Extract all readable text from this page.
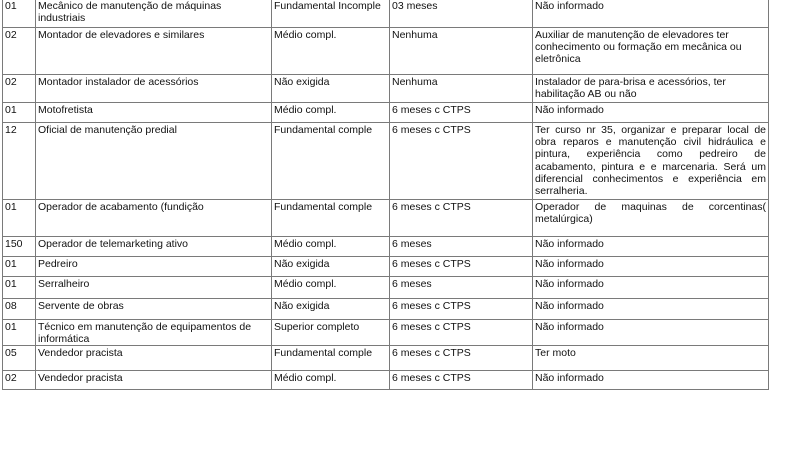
01	Mecânico de manutenção de máquinas industriais	Fundamental Incomple	03 meses	Não informado
02	Montador de elevadores e similares	Médio compl.	Nenhuma	Auxiliar de manutenção de elevadores ter conhecimento ou formação em mecânica ou eletrônica
02	Montador instalador de acessórios	Não exigida	Nenhuma	Instalador de para-brisa e acessórios, ter habilitação AB ou não
01	Motofretista	Médio compl.	6 meses c CTPS	Não informado
12	Oficial de manutenção predial	Fundamental comple	6 meses c CTPS	Ter curso nr 35, organizar e preparar local de obra reparos e manutenção civil hidráulica e pintura, experiência como pedreiro de acabamento, pintura e e marcenaria. Será um diferencial conhecimentos e experiência em serralheria.
01	Operador de acabamento (fundição	Fundamental comple	6 meses c CTPS	Operador de maquinas de corcentinas( metalúrgica)
150	Operador de telemarketing ativo	Médio compl.	6 meses	Não informado
01	Pedreiro	Não exigida	6 meses c CTPS	Não informado
01	Serralheiro	Médio compl.	6 meses	Não informado
08	Servente de obras	Não exigida	6 meses c CTPS	Não informado
01	Técnico em manutenção de equipamentos de informática	Superior completo	6 meses c CTPS	Não informado
05	Vendedor pracista	Fundamental comple	6 meses c CTPS	Ter moto
02	Vendedor pracista	Médio compl.	6 meses c CTPS	Não informado
